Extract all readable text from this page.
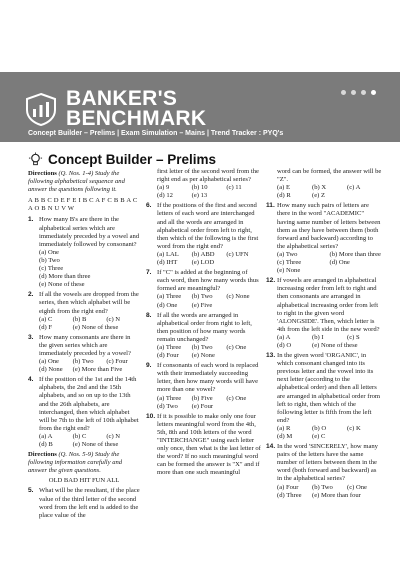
BANKER'S
BENCHMARK
Concept Builder – Prelims | Exam Simulation – Mains | Trend Tracker : PYQ's
Concept Builder – Prelims
Directions (Q. Nos. 1-4) Study the following alphabetical sequence and answer the questions following it.
A B B C D E F E I B C A F C B B A C A O B N U V W
1. How many B's are there in the alphabetical series which are immediately preceded by a vowel and immediately followed by consonant?
(a) One
(b) Two
(c) Three
(d) More than three
(e) None of these
2. If all the vowels are dropped from the series, then which alphabet will be eighth from the right end?
(a) C	(b) B	(c) N
(d) F	(e) None of these
3. How many consonants are there in the given series which are immediately preceded by a vowel?
(a) One	(b) Two	(c) Four
(d) None	(e) More than Five
4. If the position of the 1st and the 14th alphabets, the 2nd and the 15th alphabets, and so on up to the 13th and the 26th alphabets, are interchanged, then which alphabet will be 7th to the left of 10th alphabet from the right end?
(a) A	(b) C	(c) N
(d) B	(e) None of these
Directions (Q. Nos. 5-9) Study the following information carefully and answer the given questions.
OLD BAD HIT FUN ALL
5. What will be the resultant, if the place value of the third letter of the second word from the left end is added to the place value of the
first letter of the second word from the right end as per alphabetical series?
(a) 9	(b) 10	(c) 11
(d) 12	(e) 13
6. If the positions of the first and second letters of each word are interchanged and all the words are arranged in alphabetical order from left to right, then which of the following is the first word from the right end?
(a) LAL	(b) ABD	(c) UFN
(d) IHT	(e) LOD
7. If "C" is added at the beginning of each word, then how many words thus formed are meaningful?
(a) Three	(b) Two	(c) None
(d) One	(e) Five
8. If all the words are arranged in alphabetical order from right to left, then position of how many words remain unchanged?
(a) Three	(b) Two	(c) One
(d) Four	(e) None
9. If consonants of each word is replaced with their immediately succeeding letter, then how many words will have more than one vowel?
(a) Three	(b) Five	(c) One
(d) Two	(e) Four
10. If it is possible to make only one four letters meaningful word from the 4th, 5th, 8th and 10th letters of the word "INTERCHANGE" using each letter only once, then what is the last letter of the word? If no such meaningful word can be formed the answer is "X" and if more than one such meaningful
word can be formed, the answer will be "Z".
(a) E	(b) X	(c) A
(d) R	(e) Z
11. How many such pairs of letters are there in the word "ACADEMIC" having same number of letters between them as they have between them (both forward and backward) according to the alphabetical series?
(a) Two	(b) More than three
(c) Three	(d) One
(e) None
12. If vowels are arranged in alphabetical increasing order from left to right and then consonants are arranged in alphabetical increasing order from left to right in the given word 'ALONGSIDE'. Then, which letter is 4th from the left side in the new word?
(a) A	(b) I	(c) S
(d) O	(e) None of these
13. In the given word 'ORGANIC', in which consonant changed into its previous letter and the vowel into its next letter (according to the alphabetical order) and then all letters are arranged in alphabetical order from left to right, then which of the following letter is fifth from the left end?
(a) R	(b) O	(c) K
(d) M	(e) C
14. In the word 'SINCERELY', how many pairs of the letters have the same number of letters between them in the word (both forward and backward) as in the alphabetical series?
(a) Four	(b) Two	(c) One
(d) Three	(e) More than four
